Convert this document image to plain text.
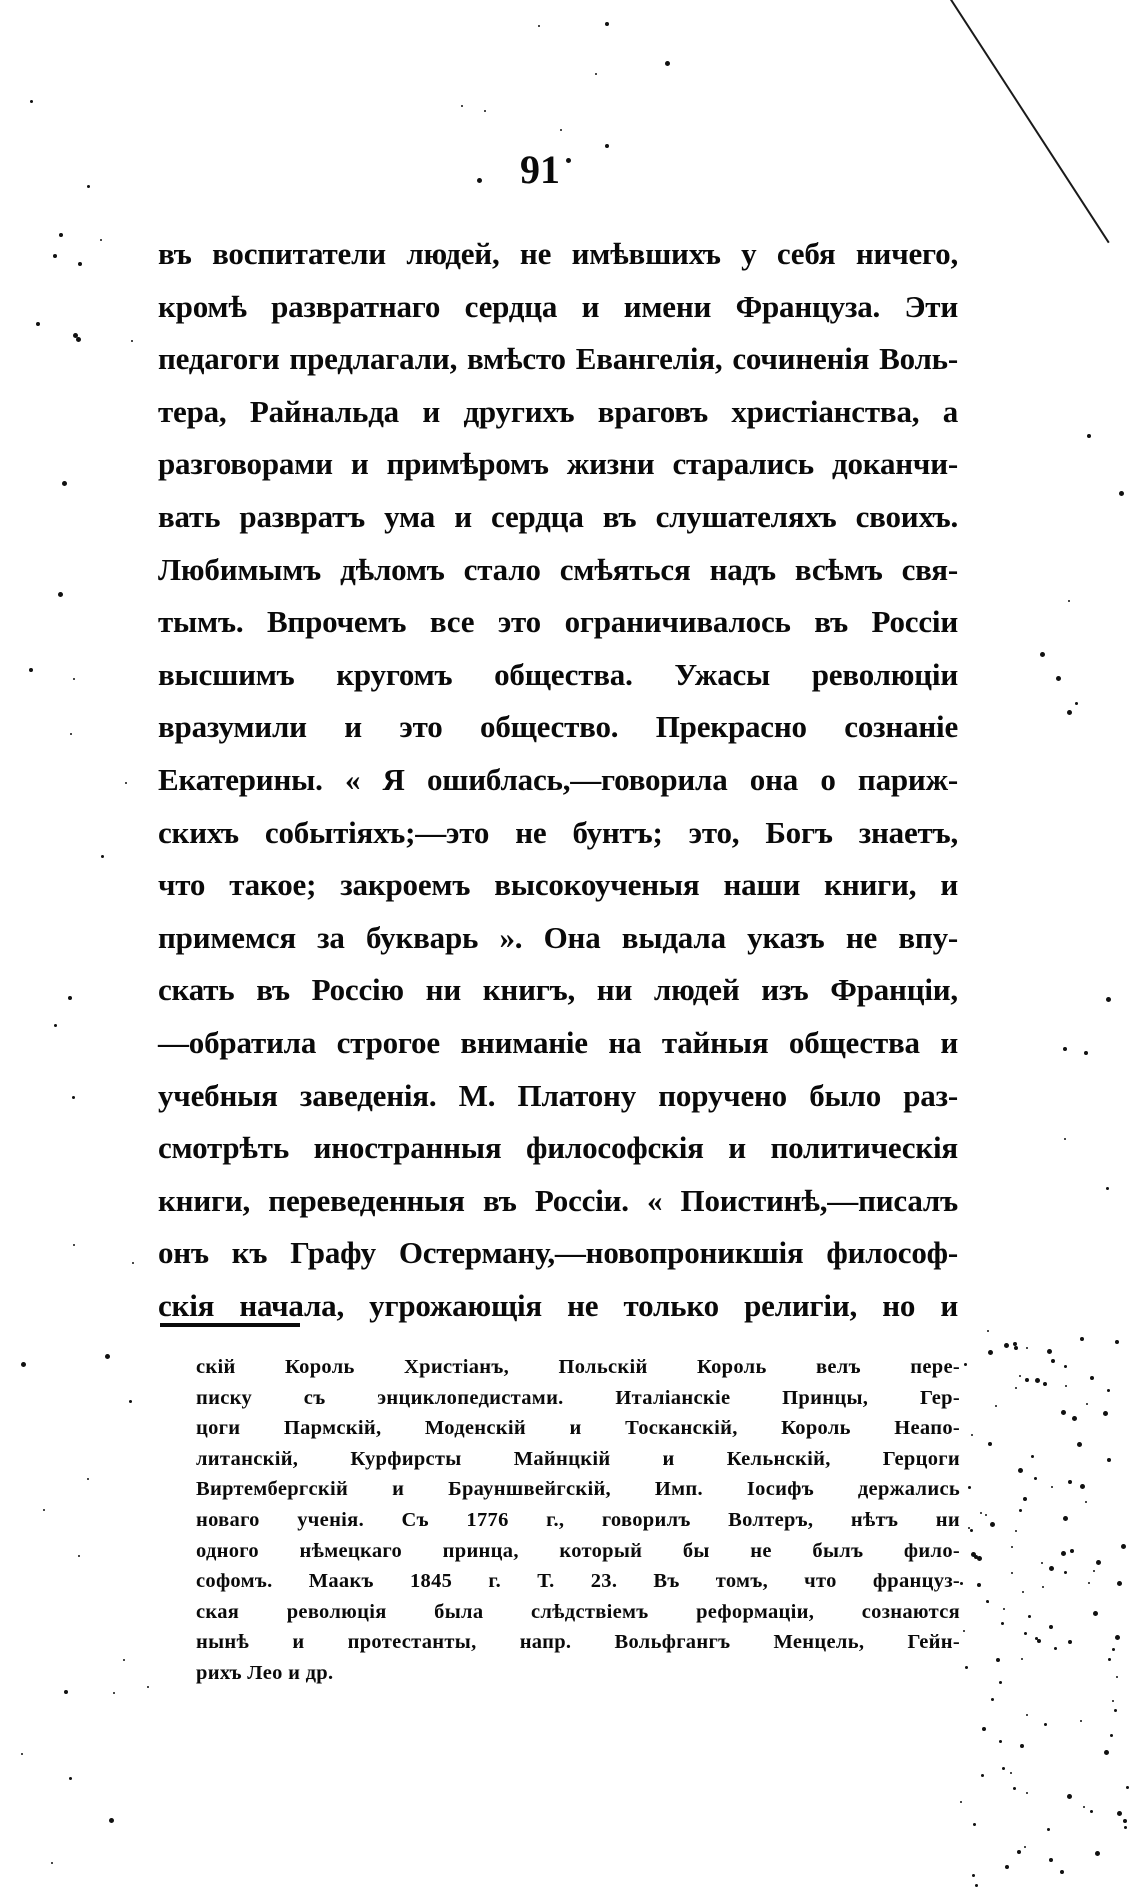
91
въ воспитатели людей, не имѣвшихъ у себя ничего,
кромѣ развратнаго сердца и имени Француза. Эти
педагоги предлагали, вмѣсто Евангелія, сочиненія Воль-
тера, Райнальда и другихъ враговъ христіанства, а
разговорами и примѣромъ жизни старались доканчи-
вать развратъ ума и сердца въ слушателяхъ своихъ.
Любимымъ дѣломъ стало смѣяться надъ всѣмъ свя-
тымъ. Впрочемъ все это ограничивалось въ Россіи
высшимъ кругомъ общества. Ужасы революціи
вразумили и это общество. Прекрасно сознаніе
Екатерины. « Я ошиблась,—говорила она о париж-
скихъ событіяхъ;—это не бунтъ; это, Богъ знаетъ,
что такое; закроемъ высокоученыя наши книги, и
примемся за букварь ». Она выдала указъ не впу-
скать въ Россію ни книгъ, ни людей изъ Франціи,
—обратила строгое вниманіе на тайныя общества и
учебныя заведенія. М. Платону поручено было раз-
смотрѣть иностранныя философскія и политическія
книги, переведенныя въ Россіи. « Поистинѣ,—писалъ
онъ къ Графу Остерману,—новопроникшія философ-
скія начала, угрожающія не только религіи, но и
скій Король Христіанъ, Польскій Король велъ пере-
писку съ энциклопедистами. Италіанскіе Принцы, Гер-
цоги Пармскій, Моденскій и Тосканскій, Король Неапо-
литанскій, Курфирсты Майнцкій и Кельнскій, Герцоги
Виртембергскій и Брауншвейгскій, Имп. Іосифъ держались
новаго ученія. Съ 1776 г., говорилъ Волтеръ, нѣтъ ни
одного нѣмецкаго принца, который бы не былъ фило-
софомъ. Маакъ 1845 г. Т. 23. Въ томъ, что француз-
ская революція была слѣдствіемъ реформаціи, сознаются
нынѣ и протестанты, напр. Вольфгангъ Менцель, Гейн-
рихъ Лео и др.
